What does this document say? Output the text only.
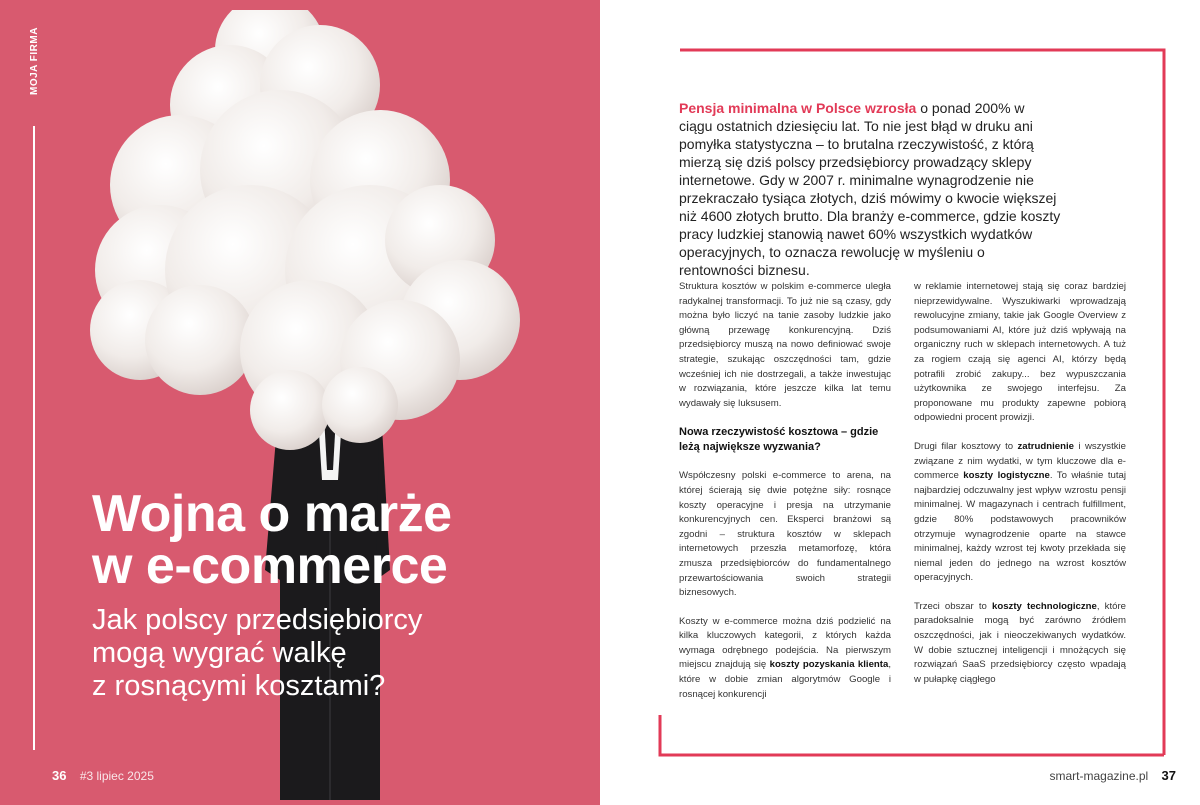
MOJA FIRMA
Wojna o marże
w e-commerce
Jak polscy przedsiębiorcy
mogą wygrać walkę
z rosnącymi kosztami?
36 #3 lipiec 2025

Pensja minimalna w Polsce wzrosła o ponad 200% w ciągu ostatnich dziesięciu lat. To nie jest błąd w druku ani pomyłka statystyczna – to brutalna rzeczywistość, z którą mierzą się dziś polscy przedsiębiorcy prowadzący sklepy internetowe. Gdy w 2007 r. minimalne wynagrodzenie nie przekraczało tysiąca złotych, dziś mówimy o kwocie większej niż 4600 złotych brutto. Dla branży e-commerce, gdzie koszty pracy ludzkiej stanowią nawet 60% wszystkich wydatków operacyjnych, to oznacza rewolucję w myśleniu o rentowności biznesu.

Struktura kosztów w polskim e-commerce uległa radykalnej transformacji. To już nie są czasy, gdy można było liczyć na tanie zasoby ludzkie jako główną przewagę konkurencyjną. Dziś przedsiębiorcy muszą na nowo definiować swoje strategie, szukając oszczędności tam, gdzie wcześniej ich nie dostrzegali, a także inwestując w rozwiązania, które jeszcze kilka lat temu wydawały się luksusem.

Nowa rzeczywistość kosztowa – gdzie leżą największe wyzwania?

Współczesny polski e-commerce to arena, na której ścierają się dwie potężne siły: rosnące koszty operacyjne i presja na utrzymanie konkurencyjnych cen. Eksperci branżowi są zgodni – struktura kosztów w sklepach internetowych przeszła metamorfozę, która zmusza przedsiębiorców do fundamentalnego przewartościowania swoich strategii biznesowych.

Koszty w e-commerce można dziś podzielić na kilka kluczowych kategorii, z których każda wymaga odrębnego podejścia. Na pierwszym miejscu znajdują się koszty pozyskania klienta, które w dobie zmian algorytmów Google i rosnącej konkurencji

w reklamie internetowej stają się coraz bardziej nieprzewidywalne. Wyszukiwarki wprowadzają rewolucyjne zmiany, takie jak Google Overview z podsumowaniami AI, które już dziś wpływają na organiczny ruch w sklepach internetowych. A tuż za rogiem czają się agenci AI, którzy będą potrafili zrobić zakupy... bez wypuszczania użytkownika ze swojego interfejsu. Za proponowane mu produkty zapewne pobiorą odpowiedni procent prowizji.

Drugi filar kosztowy to zatrudnienie i wszystkie związane z nim wydatki, w tym kluczowe dla e-commerce koszty logistyczne. To właśnie tutaj najbardziej odczuwalny jest wpływ wzrostu pensji minimalnej. W magazynach i centrach fulfillment, gdzie 80% podstawowych pracowników otrzymuje wynagrodzenie oparte na stawce minimalnej, każdy wzrost tej kwoty przekłada się niemal jeden do jednego na wzrost kosztów operacyjnych.

Trzeci obszar to koszty technologiczne, które paradoksalnie mogą być zarówno źródłem oszczędności, jak i nieoczekiwanych wydatków. W dobie sztucznej inteligencji i mnożących się rozwiązań SaaS przedsiębiorcy często wpadają w pułapkę ciągłego

smart-magazine.pl 37
